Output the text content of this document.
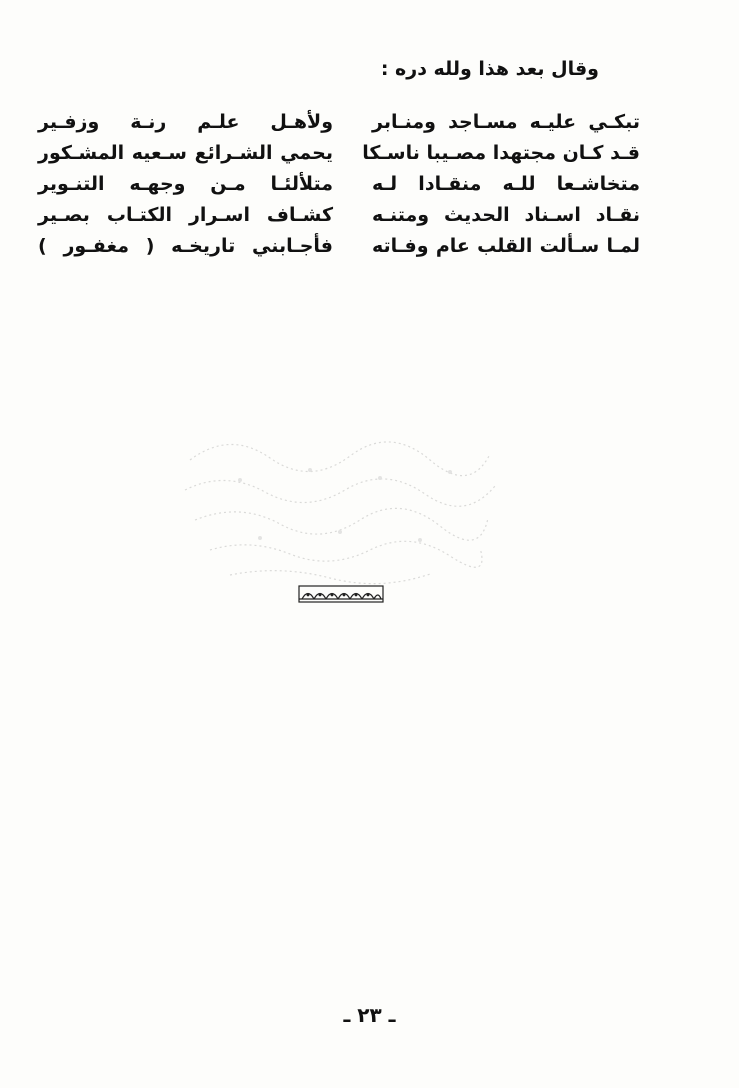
وقال بعد هذا ولله دره :
تبكـي عليـه مسـاجد ومنـابر
ولأهـل علـم رنـة وزفـير
قـد كـان مجتهدا مصـيبا ناسـكا
يحمي الشـرائع سـعيه المشـكور
متخاشـعا للـه منقـادا لـه
متلألئـا مـن وجهـه التنـوير
نقـاد اسـناد الحديث ومتنـه
كشـاف اسـرار الكتـاب بصـير
لمـا سـألت القلب عام وفـاته
فأجـابني تاريخـه ( مغفـور )
ـ ٢٣ ـ
